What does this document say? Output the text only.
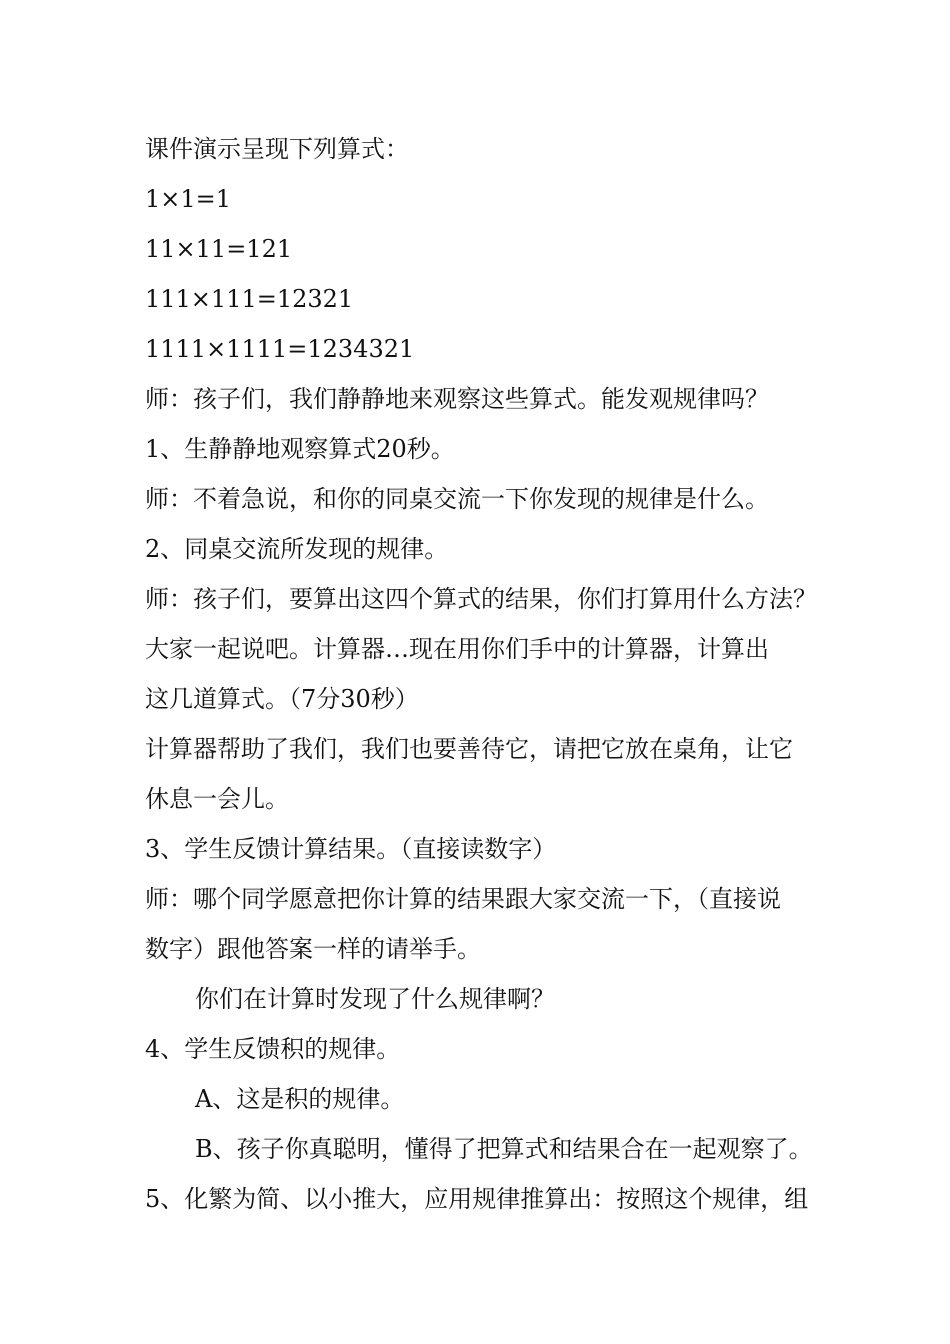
课件演示呈现下列算式：

1×1=1

11×11=121

111×111=12321

1111×1111=1234321

师：孩子们，我们静静地来观察这些算式。能发观规律吗？

1、生静静地观察算式20秒。

师：不着急说，和你的同桌交流一下你发现的规律是什么。

2、同桌交流所发现的规律。

师：孩子们，要算出这四个算式的结果，你们打算用什么方法？

大家一起说吧。计算器…现在用你们手中的计算器，计算出

这几道算式。（7分30秒）

计算器帮助了我们，我们也要善待它，请把它放在桌角，让它

休息一会儿。

3、学生反馈计算结果。（直接读数字）

师：哪个同学愿意把你计算的结果跟大家交流一下，（直接说

数字）跟他答案一样的请举手。

你们在计算时发现了什么规律啊？

4、学生反馈积的规律。

A、这是积的规律。

B、孩子你真聪明，懂得了把算式和结果合在一起观察了。

5、化繁为简、以小推大，应用规律推算出：按照这个规律，组
